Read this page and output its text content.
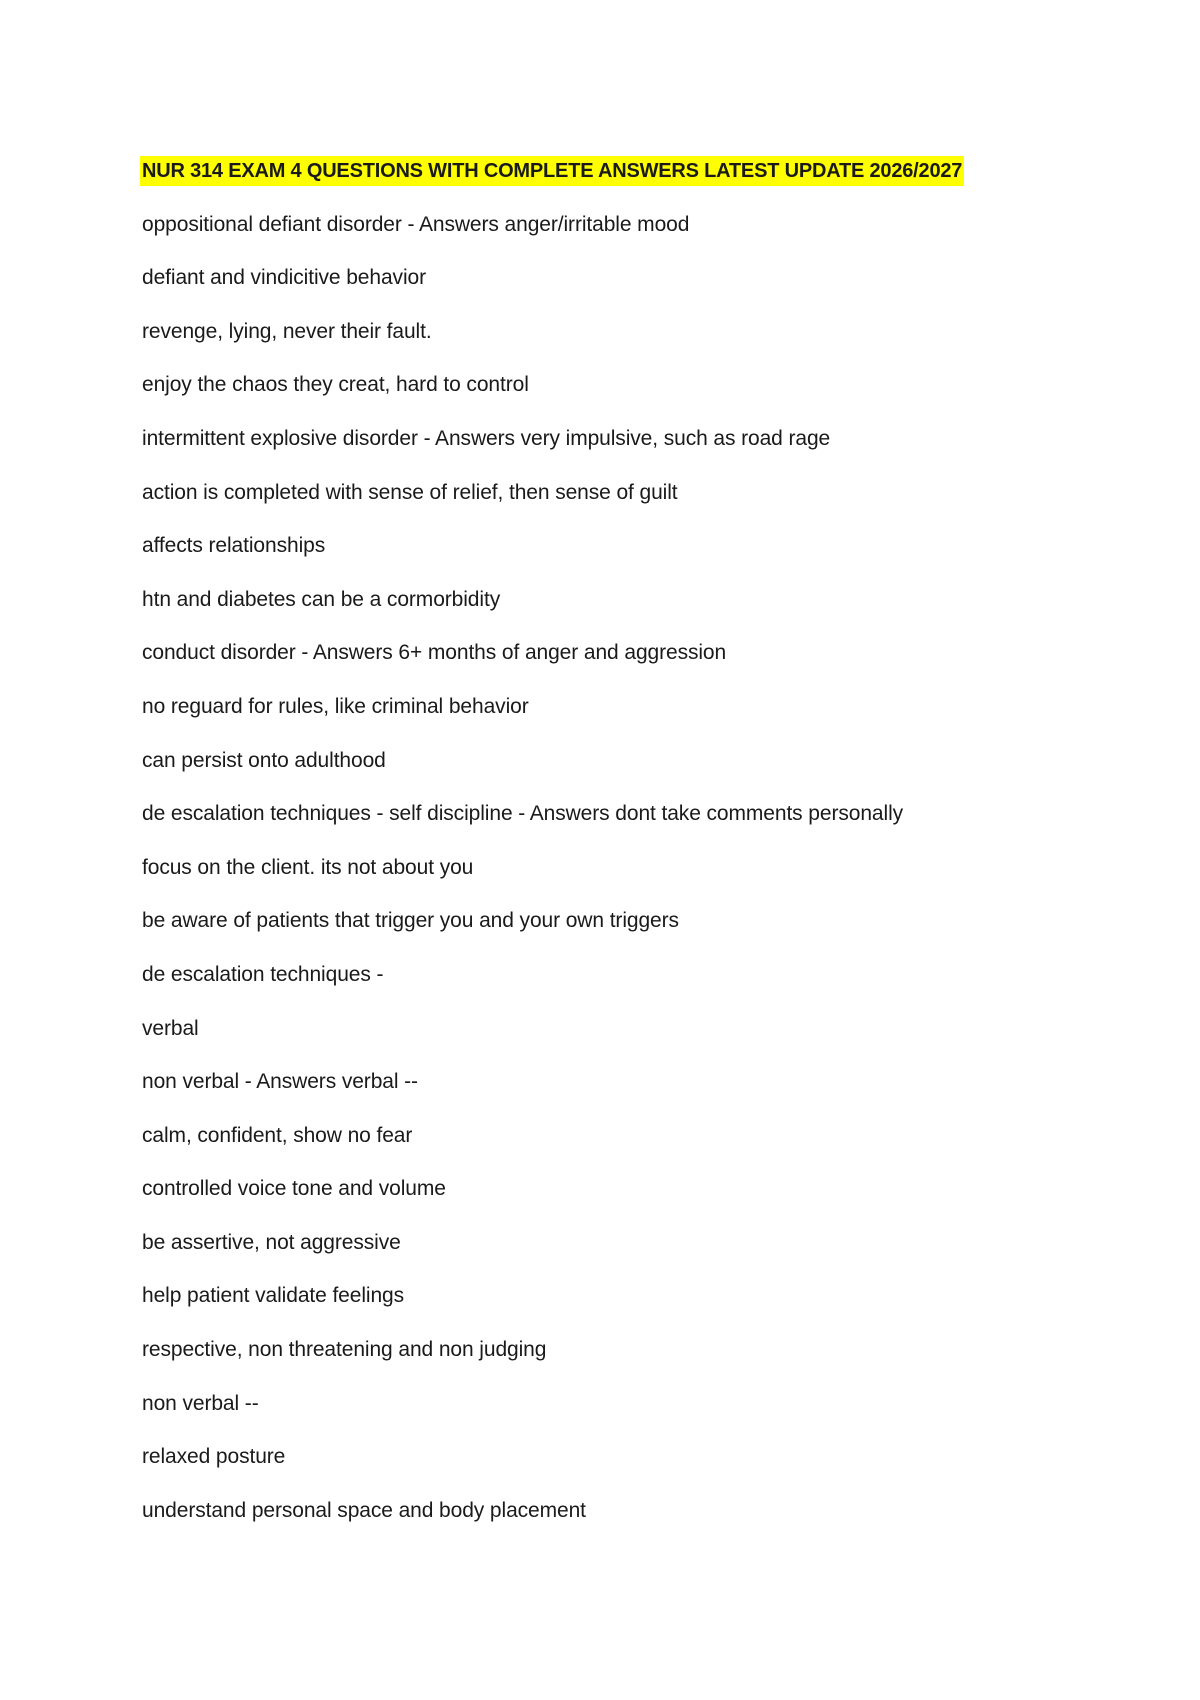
NUR 314 EXAM 4 QUESTIONS WITH COMPLETE ANSWERS LATEST UPDATE 2026/2027
oppositional defiant disorder - Answers anger/irritable mood
defiant and vindicitive behavior
revenge, lying, never their fault.
enjoy the chaos they creat, hard to control
intermittent explosive disorder - Answers very impulsive, such as road rage
action is completed with sense of relief, then sense of guilt
affects relationships
htn and diabetes can be a cormorbidity
conduct disorder - Answers 6+ months of anger and aggression
no reguard for rules, like criminal behavior
can persist onto adulthood
de escalation techniques - self discipline - Answers dont take comments personally
focus on the client. its not about you
be aware of patients that trigger you and your own triggers
de escalation techniques -
verbal
non verbal - Answers verbal --
calm, confident, show no fear
controlled voice tone and volume
be assertive, not aggressive
help patient validate feelings
respective, non threatening and non judging
non verbal --
relaxed posture
understand personal space and body placement
